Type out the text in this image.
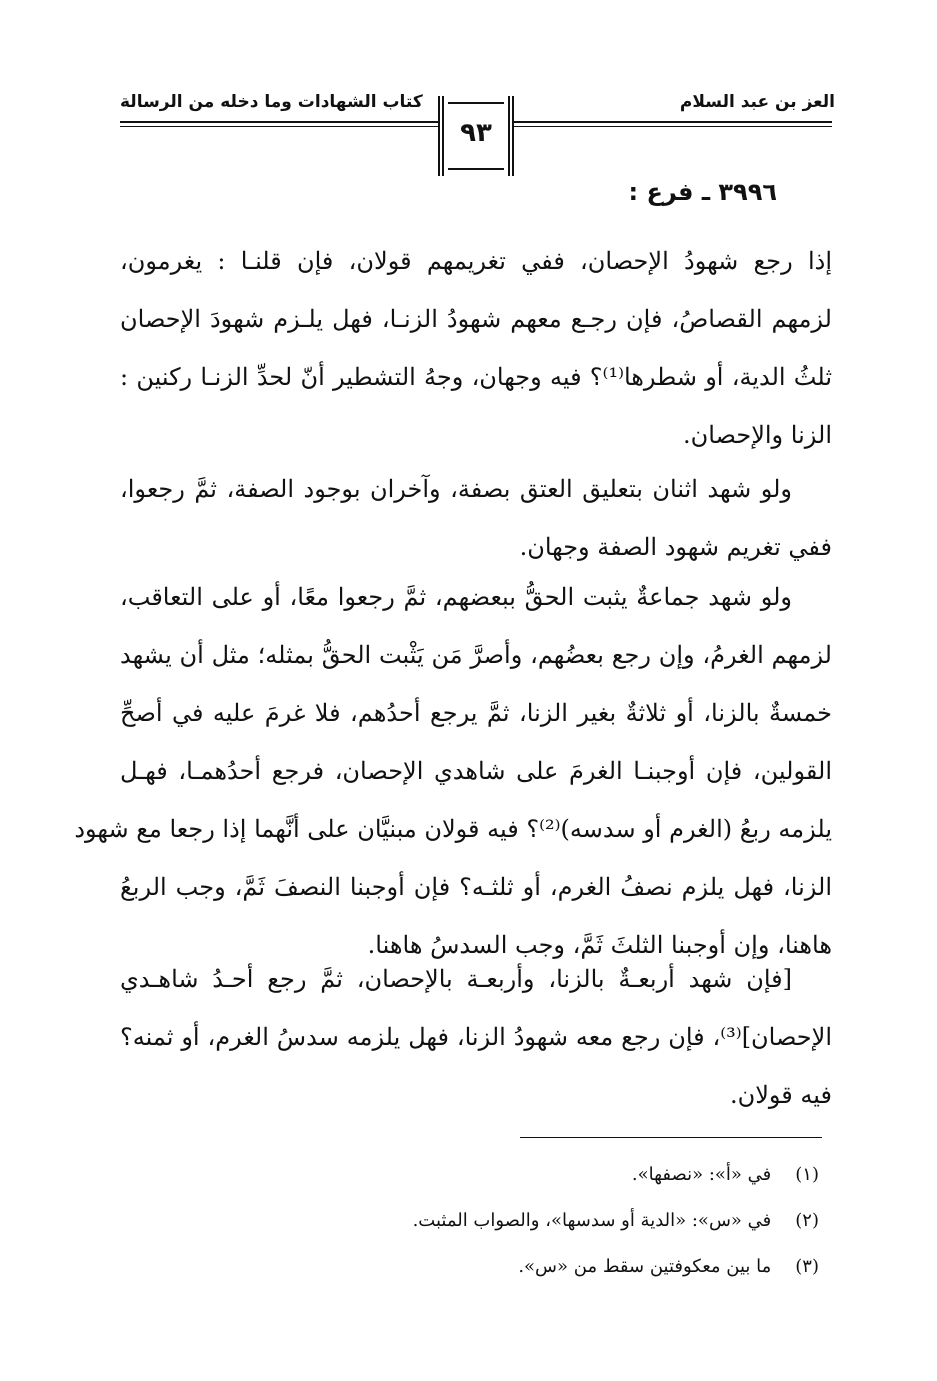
العز بن عبد السلام
كتاب الشهادات وما دخله من الرسالة
٩٣
٣٩٩٦ ـ فرع :
إذا رجع شهودُ الإحصان، ففي تغريمهم قولان، فإن قلنـا : يغرمون،
لزمهم القصاصُ، فإن رجـع معهم شهودُ الزنـا، فهل يلـزم شهودَ الإحصان
ثلثُ الدية، أو شطرها⁽¹⁾؟ فيه وجهان، وجهُ التشطير أنّ لحدِّ الزنـا ركنين :
الزنا والإحصان.
ولو شهد اثنان بتعليق العتق بصفة، وآخران بوجود الصفة، ثمَّ رجعوا،
ففي تغريم شهود الصفة وجهان.
ولو شهد جماعةٌ يثبت الحقُّ ببعضهم، ثمَّ رجعوا معًا، أو على التعاقب،
لزمهم الغرمُ، وإن رجع بعضُهم، وأصرَّ مَن يَثْبت الحقُّ بمثله؛ مثل أن يشهد
خمسةٌ بالزنا، أو ثلاثةٌ بغير الزنا، ثمَّ يرجع أحدُهم، فلا غرمَ عليه في أصحِّ
القولين، فإن أوجبنـا الغرمَ على شاهدي الإحصان، فرجع أحدُهمـا، فهـل
يلزمه ربعُ (الغرم أو سدسه)⁽²⁾؟ فيه قولان مبنيَّان على أنَّهما إذا رجعا مع شهود
الزنا، فهل يلزم نصفُ الغرم، أو ثلثـه؟ فإن أوجبنا النصفَ ثَمَّ، وجب الربعُ
هاهنا، وإن أوجبنا الثلثَ ثَمَّ، وجب السدسُ هاهنا.
[فإن شهد أربعـةٌ بالزنا، وأربعـة بالإحصان، ثمَّ رجع أحـدُ شاهـدي
الإحصان]⁽³⁾، فإن رجع معه شهودُ الزنا، فهل يلزمه سدسُ الغرم، أو ثمنه؟
فيه قولان.
(١) في «أ»: «نصفها».
(٢) في «س»: «الدية أو سدسها»، والصواب المثبت.
(٣) ما بين معكوفتين سقط من «س».
